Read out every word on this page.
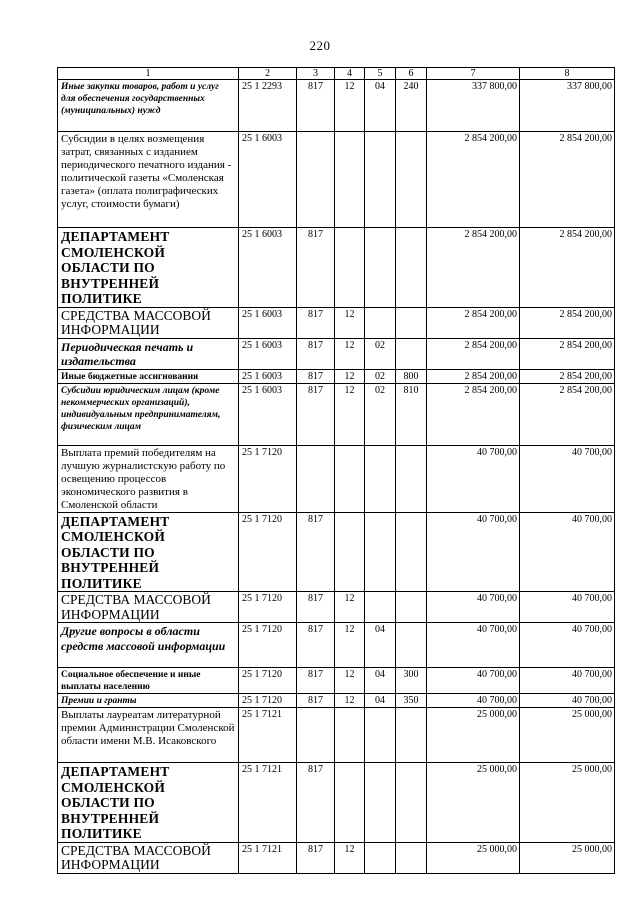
220
1	2	3	4	5	6	7	8
Иные закупки товаров, работ и услуг для обеспечения государственных (муниципальных) нужд	25 1 2293	817	12	04	240	337 800,00	337 800,00
Субсидии в целях возмещения затрат, связанных с изданием периодического печатного издания - политической газеты «Смоленская газета» (оплата полиграфических услуг, стоимости бумаги)	25 1 6003					2 854 200,00	2 854 200,00
ДЕПАРТАМЕНТ СМОЛЕНСКОЙ ОБЛАСТИ ПО ВНУТРЕННЕЙ ПОЛИТИКЕ	25 1 6003	817				2 854 200,00	2 854 200,00
СРЕДСТВА МАССОВОЙ ИНФОРМАЦИИ	25 1 6003	817	12			2 854 200,00	2 854 200,00
Периодическая печать и издательства	25 1 6003	817	12	02		2 854 200,00	2 854 200,00
Иные бюджетные ассигнования	25 1 6003	817	12	02	800	2 854 200,00	2 854 200,00
Субсидии юридическим лицам (кроме некоммерческих организаций), индивидуальным предпринимателям, физическим лицам	25 1 6003	817	12	02	810	2 854 200,00	2 854 200,00
Выплата премий победителям на лучшую журналистскую работу по освещению процессов экономического развития в Смоленской области	25 1 7120					40 700,00	40 700,00
ДЕПАРТАМЕНТ СМОЛЕНСКОЙ ОБЛАСТИ ПО ВНУТРЕННЕЙ ПОЛИТИКЕ	25 1 7120	817				40 700,00	40 700,00
СРЕДСТВА МАССОВОЙ ИНФОРМАЦИИ	25 1 7120	817	12			40 700,00	40 700,00
Другие вопросы в области средств массовой информации	25 1 7120	817	12	04		40 700,00	40 700,00
Социальное обеспечение и иные выплаты населению	25 1 7120	817	12	04	300	40 700,00	40 700,00
Премии и гранты	25 1 7120	817	12	04	350	40 700,00	40 700,00
Выплаты лауреатам литературной премии Администрации Смоленской области имени М.В. Исаковского	25 1 7121					25 000,00	25 000,00
ДЕПАРТАМЕНТ СМОЛЕНСКОЙ ОБЛАСТИ ПО ВНУТРЕННЕЙ ПОЛИТИКЕ	25 1 7121	817				25 000,00	25 000,00
СРЕДСТВА МАССОВОЙ ИНФОРМАЦИИ	25 1 7121	817	12			25 000,00	25 000,00
